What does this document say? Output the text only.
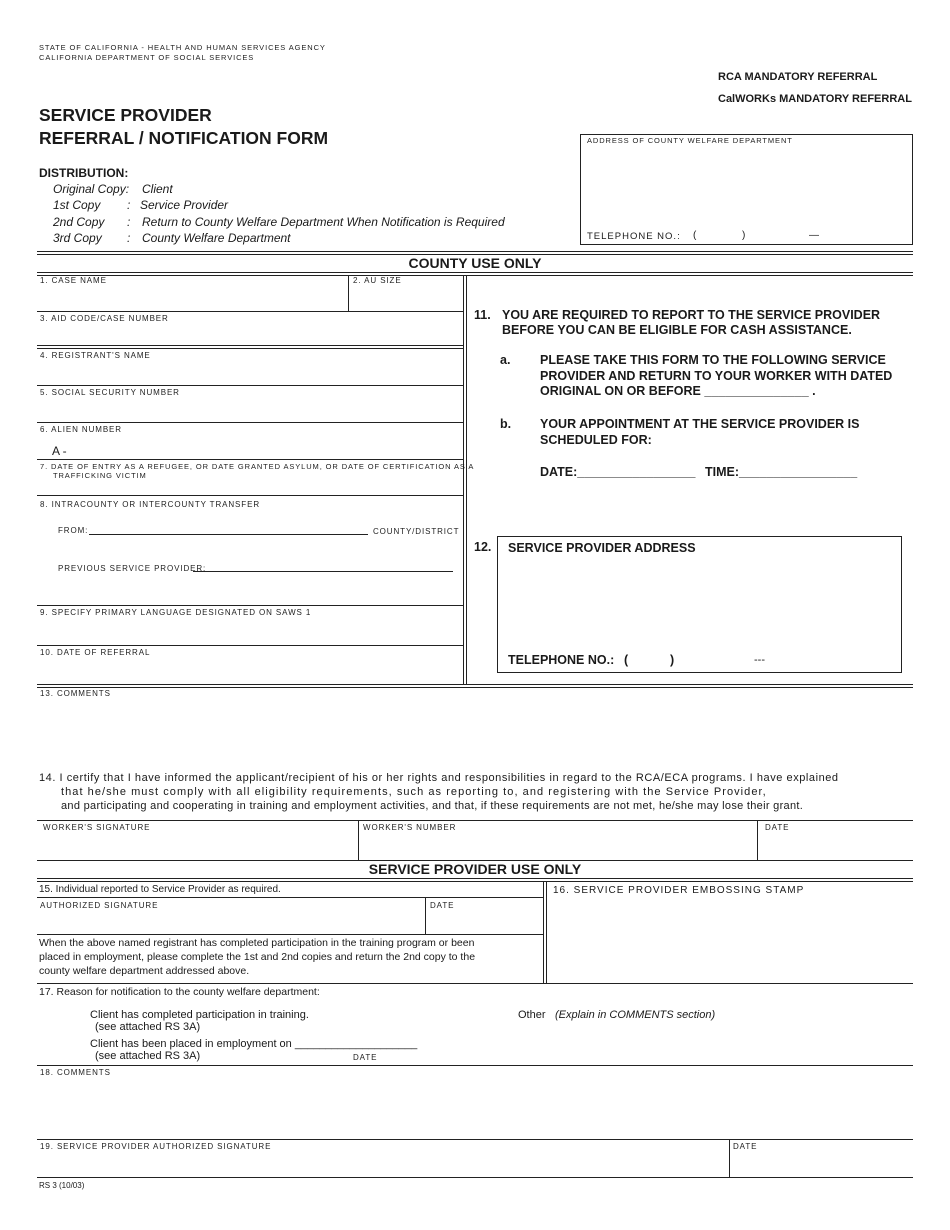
STATE OF CALIFORNIA - HEALTH AND HUMAN SERVICES AGENCY
CALIFORNIA DEPARTMENT OF SOCIAL SERVICES
RCA MANDATORY REFERRAL
CalWORKs MANDATORY REFERRAL
SERVICE PROVIDER
REFERRAL / NOTIFICATION FORM
DISTRIBUTION:
Original Copy: Client
1st Copy : Service Provider
2nd Copy : Return to County Welfare Department When Notification is Required
3rd Copy : County Welfare Department
ADDRESS OF COUNTY WELFARE DEPARTMENT
TELEPHONE NO.: (	)	—
COUNTY USE ONLY
1. CASE NAME	2. AU SIZE
3. AID CODE/CASE NUMBER
4. REGISTRANT'S NAME
5. SOCIAL SECURITY NUMBER
6. ALIEN NUMBER
A -
7. DATE OF ENTRY AS A REFUGEE, OR DATE GRANTED ASYLUM, OR DATE OF CERTIFICATION AS A
TRAFFICKING VICTIM
8. INTRACOUNTY OR INTERCOUNTY TRANSFER
FROM:	COUNTY/DISTRICT
PREVIOUS SERVICE PROVIDER:
9. SPECIFY PRIMARY LANGUAGE DESIGNATED ON SAWS 1
10. DATE OF REFERRAL
11. YOU ARE REQUIRED TO REPORT TO THE SERVICE PROVIDER
BEFORE YOU CAN BE ELIGIBLE FOR CASH ASSISTANCE.
a. PLEASE TAKE THIS FORM TO THE FOLLOWING SERVICE
PROVIDER AND RETURN TO YOUR WORKER WITH DATED
ORIGINAL ON OR BEFORE _______________ .
b. YOUR APPOINTMENT AT THE SERVICE PROVIDER IS
SCHEDULED FOR:
DATE:_________________ TIME:_________________
12. SERVICE PROVIDER ADDRESS
TELEPHONE NO.: (	)	---
13. COMMENTS
14. I certify that I have informed the applicant/recipient of his or her rights and responsibilities in regard to the RCA/ECA programs. I have explained
that he/she must comply with all eligibility requirements, such as reporting to, and registering with the Service Provider,
and participating and cooperating in training and employment activities, and that, if these requirements are not met, he/she may lose their grant.
WORKER'S SIGNATURE	WORKER'S NUMBER	DATE
SERVICE PROVIDER USE ONLY
15. Individual reported to Service Provider as required.
AUTHORIZED SIGNATURE	DATE
When the above named registrant has completed participation in the training program or been
placed in employment, please complete the 1st and 2nd copies and return the 2nd copy to the
county welfare department addressed above.
16. SERVICE PROVIDER EMBOSSING STAMP
17. Reason for notification to the county welfare department:
Client has completed participation in training.
(see attached RS 3A)
Client has been placed in employment on ____________________
(see attached RS 3A)	DATE
Other (Explain in COMMENTS section)
18. COMMENTS
19. SERVICE PROVIDER AUTHORIZED SIGNATURE	DATE
RS 3 (10/03)
